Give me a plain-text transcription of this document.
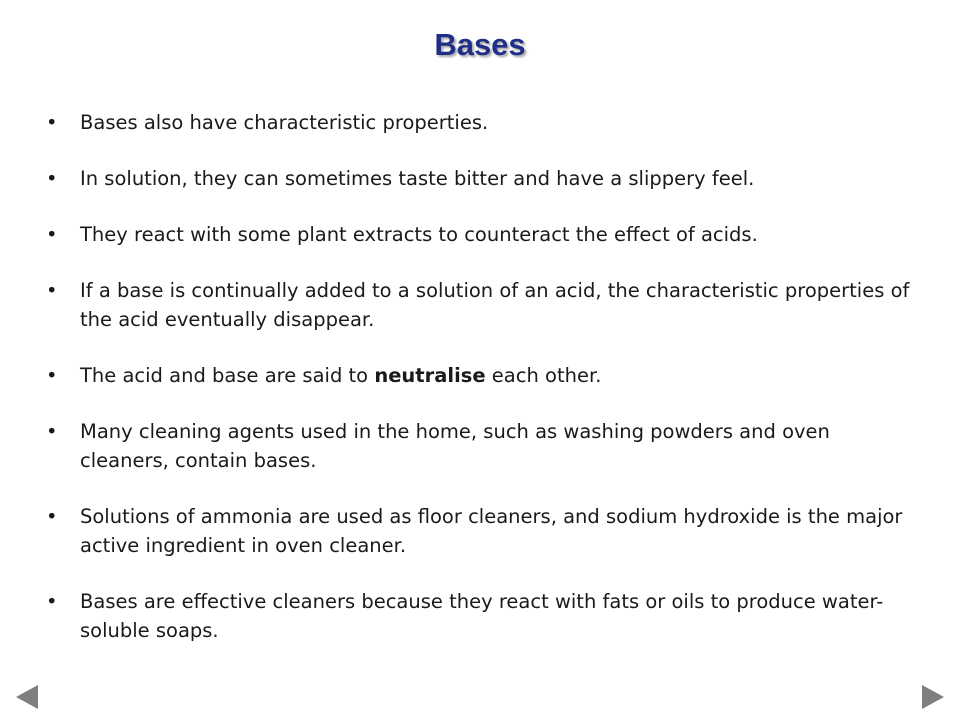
Bases
• Bases also have characteristic properties.
• In solution, they can sometimes taste bitter and have a slippery feel.
• They react with some plant extracts to counteract the effect of acids.
• If a base is continually added to a solution of an acid, the characteristic properties of the acid eventually disappear.
• The acid and base are said to neutralise each other.
• Many cleaning agents used in the home, such as washing powders and oven cleaners, contain bases.
• Solutions of ammonia are used as floor cleaners, and sodium hydroxide is the major active ingredient in oven cleaner.
• Bases are effective cleaners because they react with fats or oils to produce water-soluble soaps.
